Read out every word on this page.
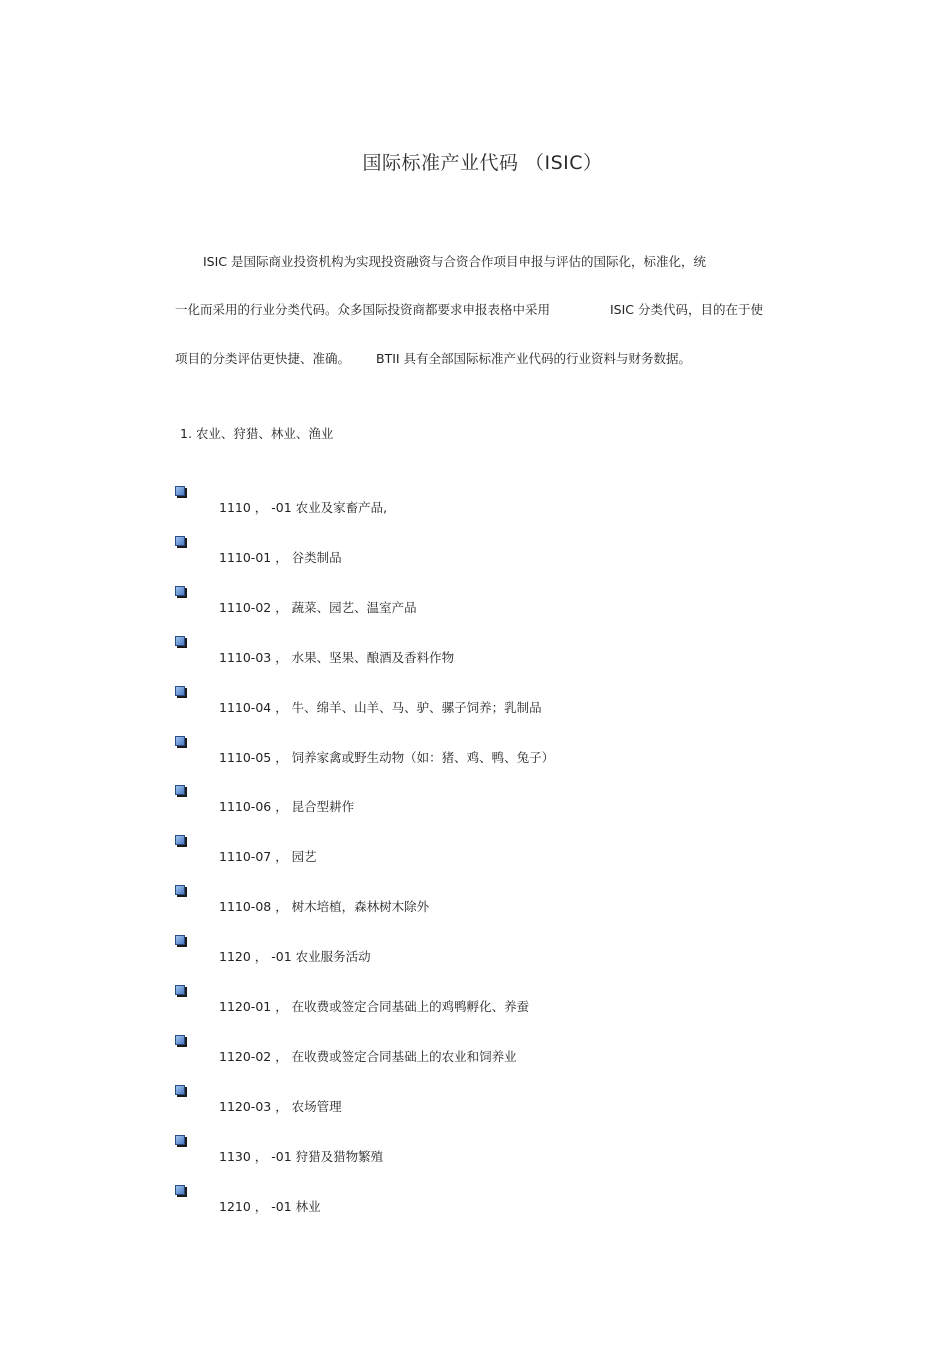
国际标准产业代码 （ISIC）
ISIC 是国际商业投资机构为实现投资融资与合资合作项目申报与评估的国际化，标准化，统
一化而采用的行业分类代码。众多国际投资商都要求申报表格中采用	ISIC 分类代码，目的在于使
项目的分类评估更快捷、准确。 BTII 具有全部国际标准产业代码的行业资料与财务数据。
1. 农业、狩猎、林业、渔业
1110 ， -01 农业及家畜产品,
1110-01 ， 谷类制品
1110-02 ， 蔬菜、园艺、温室产品
1110-03 ， 水果、坚果、酿酒及香料作物
1110-04 ， 牛、绵羊、山羊、马、驴、骡子饲养；乳制品
1110-05 ， 饲养家禽或野生动物（如：猪、鸡、鸭、兔子）
1110-06 ， 昆合型耕作
1110-07 ， 园艺
1110-08 ， 树木培植，森林树木除外
1120 ， -01 农业服务活动
1120-01 ， 在收费或签定合同基础上的鸡鸭孵化、养蚕
1120-02 ， 在收费或签定合同基础上的农业和饲养业
1120-03 ， 农场管理
1130 ， -01 狩猎及猎物繁殖
1210 ， -01 林业
